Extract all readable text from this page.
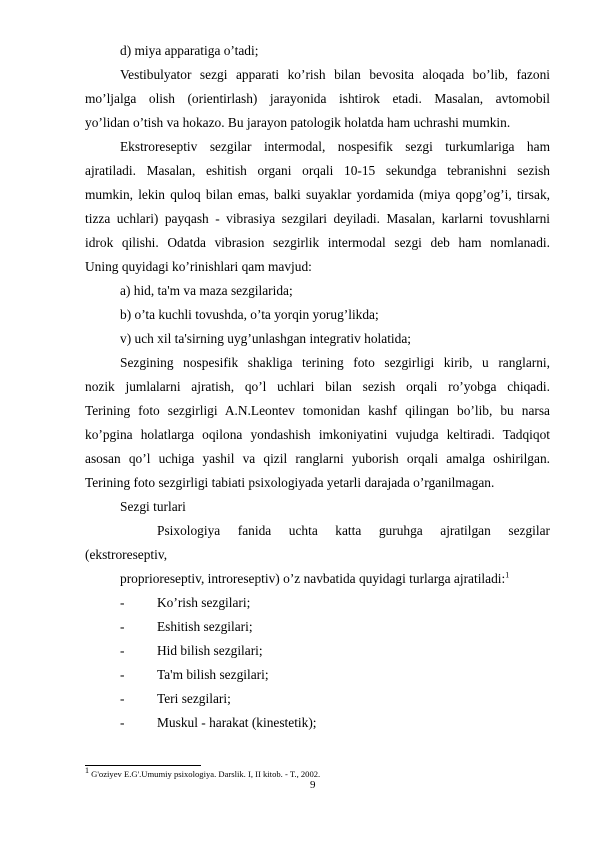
d) miya apparatiga o’tadi;
Vestibulyator sezgi apparati ko’rish bilan bevosita aloqada bo’lib, fazoni
mo’ljalga olish (orientirlash) jarayonida ishtirok etadi. Masalan, avtomobil
yo’lidan o’tish va hokazo. Bu jarayon patologik holatda ham uchrashi mumkin.
Ekstroreseptiv sezgilar intermodal, nospesifik sezgi turkumlariga ham
ajratiladi. Masalan, eshitish organi orqali 10-15 sekundga tebranishni sezish
mumkin, lekin quloq bilan emas, balki suyaklar yordamida (miya qopg’og’i, tirsak,
tizza uchlari) payqash - vibrasiya sezgilari deyiladi. Masalan, karlarni tovushlarni
idrok qilishi. Odatda vibrasion sezgirlik intermodal sezgi deb ham nomlanadi.
Uning quyidagi ko’rinishlari qam mavjud:
a) hid, ta'm va maza sezgilarida;
b) o’ta kuchli tovushda, o’ta yorqin yorug’likda;
v) uch xil ta'sirning uyg’unlashgan integrativ holatida;
Sezgining nospesifik shakliga terining foto sezgirligi kirib, u ranglarni,
nozik jumlalarni ajratish, qo’l uchlari bilan sezish orqali ro’yobga chiqadi.
Terining foto sezgirligi A.N.Leontev tomonidan kashf qilingan bo’lib, bu narsa
ko’pgina holatlarga oqilona yondashish imkoniyatini vujudga keltiradi. Tadqiqot
asosan qo’l uchiga yashil va qizil ranglarni yuborish orqali amalga oshirilgan.
Terining foto sezgirligi tabiati psixologiyada yetarli darajada o’rganilmagan.
Sezgi turlari
Psixologiya fanida uchta katta guruhga ajratilgan sezgilar
(ekstroreseptiv,
proprioreseptiv, introreseptiv) o’z navbatida quyidagi turlarga ajratiladi:$^1$
- Ko’rish sezgilari;
- Eshitish sezgilari;
- Hid bilish sezgilari;
- Ta'm bilish sezgilari;
- Teri sezgilari;
- Muskul - harakat (kinestetik);
$^1$ G'oziyev E.G'.Umumiy psixologiya. Darslik. I, II kitob. - T., 2002.
9
